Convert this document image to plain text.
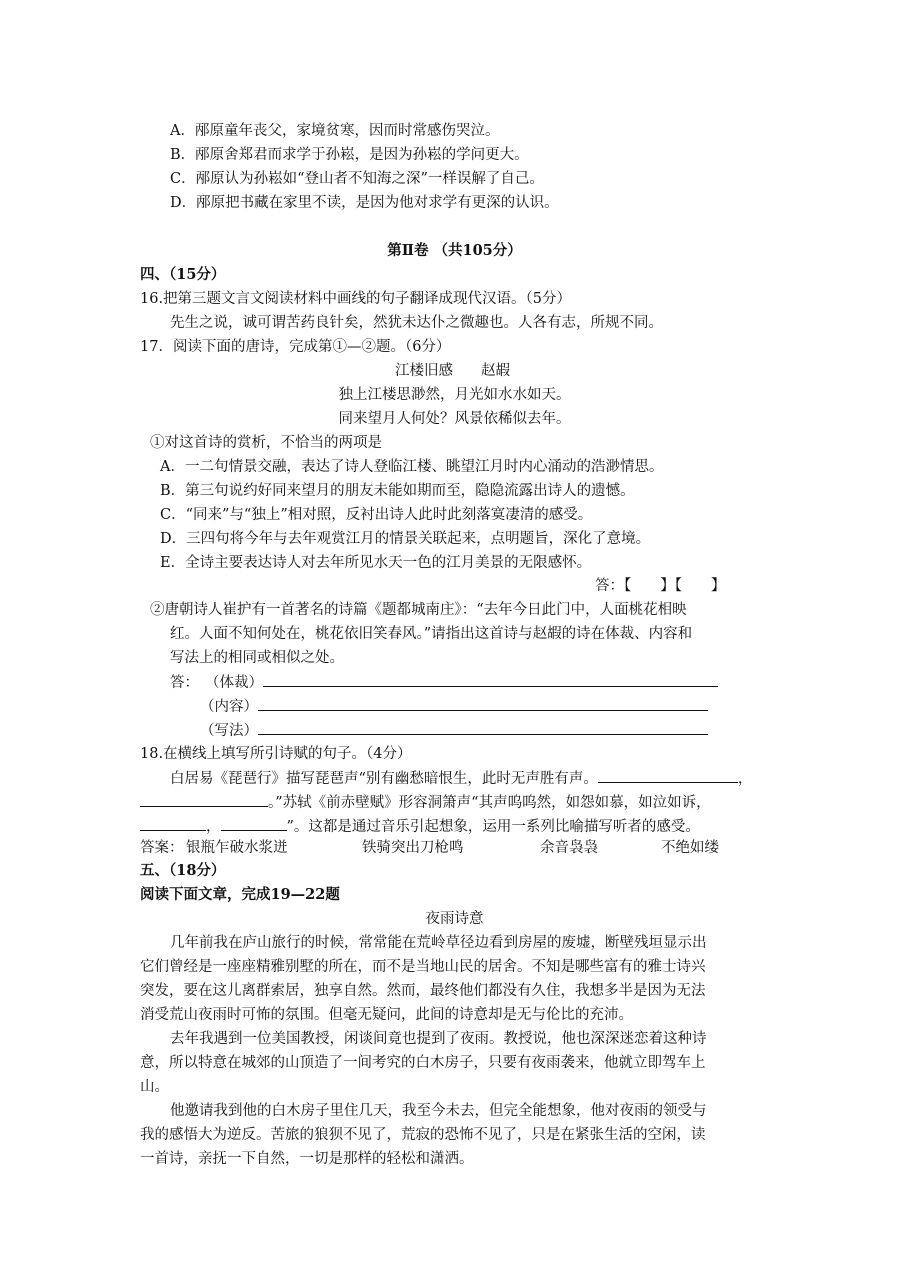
A．邴原童年丧父，家境贫寒，因而时常感伤哭泣。
B．邴原舍郑君而求学于孙崧，是因为孙崧的学问更大。
C．邴原认为孙崧如“登山者不知海之深”一样误解了自己。
D．邴原把书藏在家里不读，是因为他对求学有更深的认识。
第Ⅱ卷 （共105分）
四、（15分）
16.把第三题文言文阅读材料中画线的句子翻译成现代汉语。（5分）
先生之说，诚可谓苦药良针矣，然犹未达仆之微趣也。人各有志，所规不同。
17．阅读下面的唐诗，完成第①—②题。（6分）
江楼旧感 赵嘏
独上江楼思渺然，月光如水水如天。
同来望月人何处？风景依稀似去年。
①对这首诗的赏析，不恰当的两项是
A．一二句情景交融，表达了诗人登临江楼、眺望江月时内心涌动的浩渺情思。
B．第三句说约好同来望月的朋友未能如期而至，隐隐流露出诗人的遗憾。
C．“同来”与“独上”相对照，反衬出诗人此时此刻落寞凄清的感受。
D．三四句将今年与去年观赏江月的情景关联起来，点明题旨，深化了意境。
E．全诗主要表达诗人对去年所见水天一色的江月美景的无限感怀。
答：【　　】【　　】
②唐朝诗人崔护有一首著名的诗篇《题都城南庄》：“去年今日此门中，人面桃花相映
红。人面不知何处在，桃花依旧笑春风。”请指出这首诗与赵嘏的诗在体裁、内容和
写法上的相同或相似之处。
答： （体裁）
（内容）
（写法）
18.在横线上填写所引诗赋的句子。（4分）
白居易《琵琶行》描写琵琶声“别有幽愁暗恨生，此时无声胜有声。	，
。”苏轼《前赤壁赋》形容洞箫声“其声呜呜然，如怨如慕，如泣如诉，
，	”。这都是通过音乐引起想象，运用一系列比喻描写听者的感受。
答案： 银瓶乍破水浆迸	铁骑突出刀枪鸣	余音袅袅	不绝如缕
五、（18分）
阅读下面文章，完成19—22题
夜雨诗意
几年前我在庐山旅行的时候，常常能在荒岭草径边看到房屋的废墟，断壁残垣显示出
它们曾经是一座座精雅别墅的所在，而不是当地山民的居舍。不知是哪些富有的雅士诗兴
突发，要在这儿离群索居，独享自然。然而，最终他们都没有久住，我想多半是因为无法
消受荒山夜雨时可怖的氛围。但毫无疑问，此间的诗意却是无与伦比的充沛。
去年我遇到一位美国教授，闲谈间竟也提到了夜雨。教授说，他也深深迷恋着这种诗
意，所以特意在城郊的山顶造了一间考究的白木房子，只要有夜雨袭来，他就立即驾车上
山。
他邀请我到他的白木房子里住几天，我至今未去，但完全能想象，他对夜雨的领受与
我的感悟大为逆反。苦旅的狼狈不见了，荒寂的恐怖不见了，只是在紧张生活的空闲，读
一首诗，亲抚一下自然，一切是那样的轻松和潇洒。
